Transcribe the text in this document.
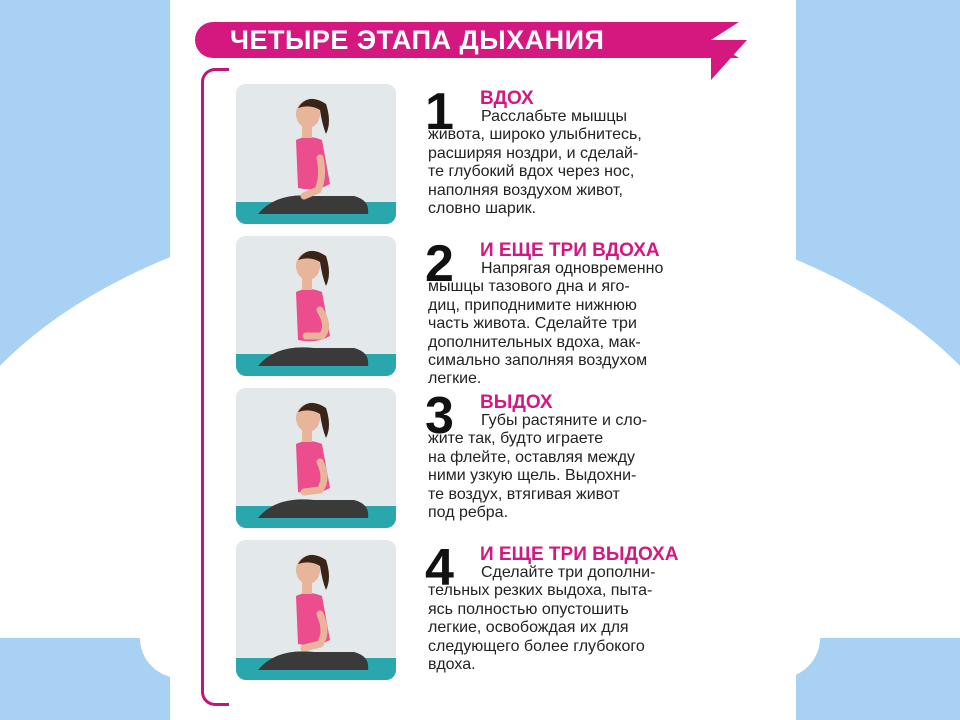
ЧЕТЫРЕ ЭТАПА ДЫХАНИЯ
1	ВДОХ
Расслабьте мышцы
живота, широко улыбнитесь,
расширяя ноздри, и сделай-
те глубокий вдох через нос,
наполняя воздухом живот,
словно шарик.
2	И ЕЩЕ ТРИ ВДОХА
Напрягая одновременно
мышцы тазового дна и яго-
диц, приподнимите нижнюю
часть живота. Сделайте три
дополнительных вдоха, мак-
симально заполняя воздухом
легкие.
3	ВЫДОХ
Губы растяните и сло-
жите так, будто играете
на флейте, оставляя между
ними узкую щель. Выдохни-
те воздух, втягивая живот
под ребра.
4	И ЕЩЕ ТРИ ВЫДОХА
Сделайте три дополни-
тельных резких выдоха, пыта-
ясь полностью опустошить
легкие, освобождая их для
следующего более глубокого
вдоха.
